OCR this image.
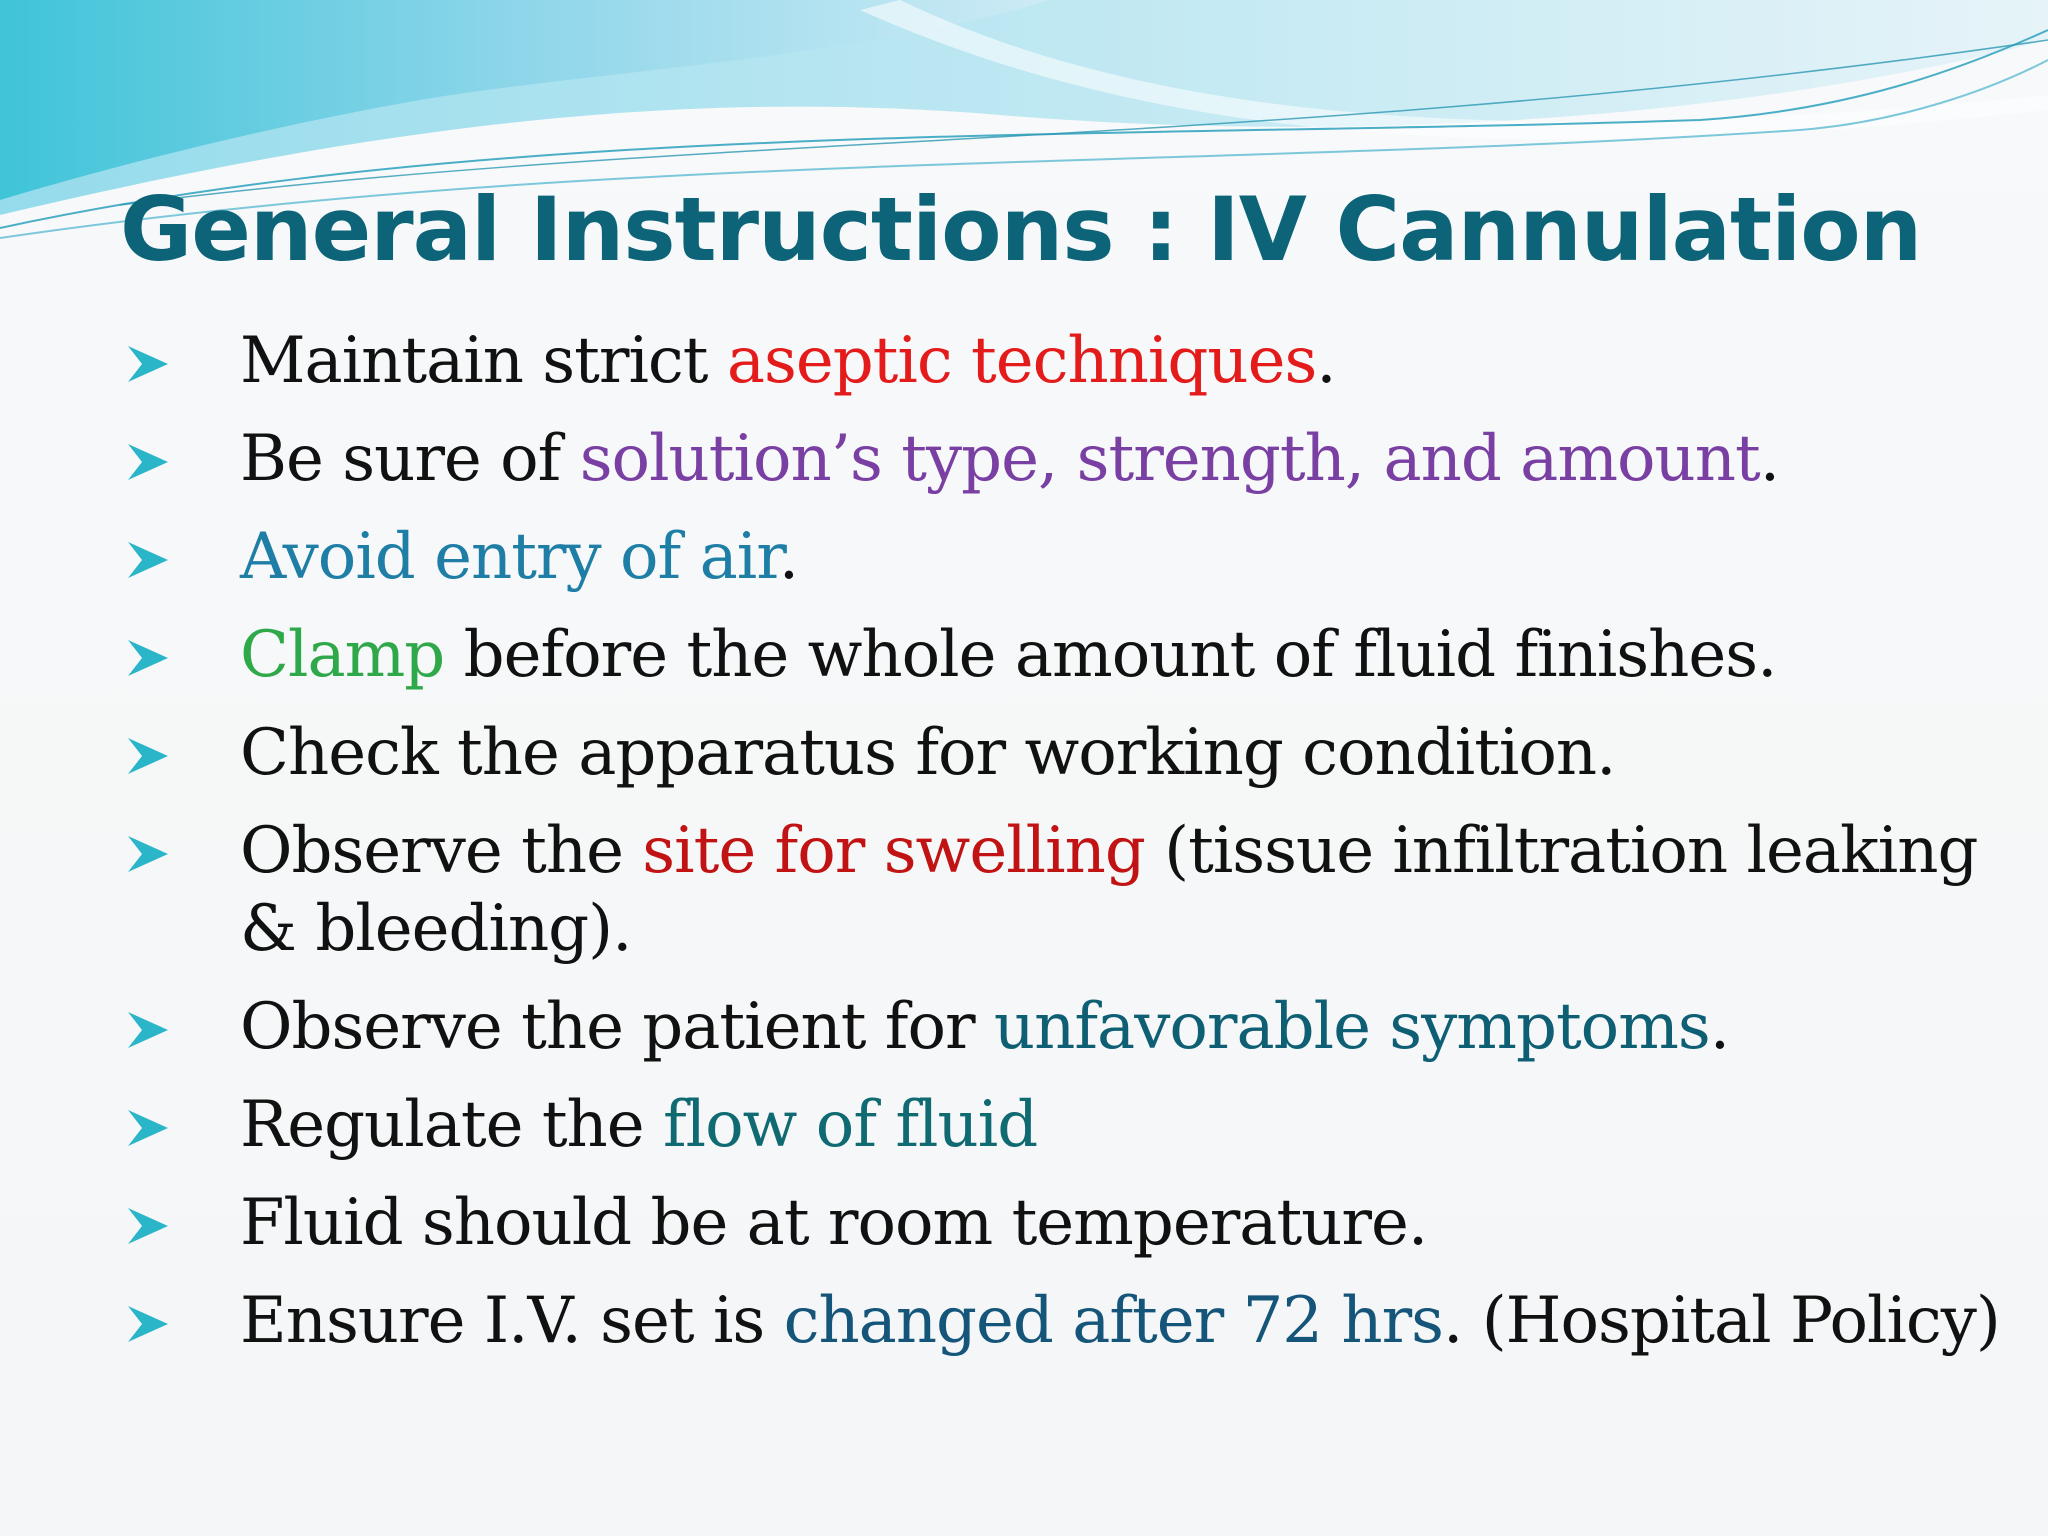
General Instructions : IV Cannulation
Maintain strict aseptic techniques.
Be sure of solution’s type, strength, and amount.
Avoid entry of air.
Clamp before the whole amount of fluid finishes.
Check the apparatus for working condition.
Observe the site for swelling (tissue infiltration leaking & bleeding).
Observe the patient for unfavorable symptoms.
Regulate the flow of fluid
Fluid should be at room temperature.
Ensure I.V. set is changed after 72 hrs. (Hospital Policy)
